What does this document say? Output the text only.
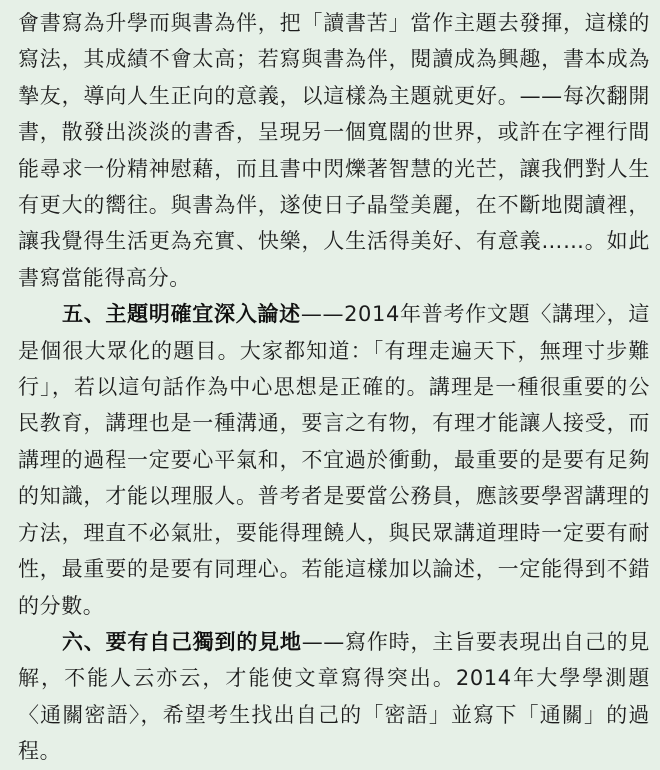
會書寫為升學而與書為伴，把「讀書苦」當作主題去發揮，這樣的寫法，其成績不會太高；若寫與書為伴，閱讀成為興趣，書本成為摯友，導向人生正向的意義，以這樣為主題就更好。——每次翻開書，散發出淡淡的書香，呈現另一個寬闊的世界，或許在字裡行間能尋求一份精神慰藉，而且書中閃爍著智慧的光芒，讓我們對人生有更大的嚮往。與書為伴，遂使日子晶瑩美麗，在不斷地閱讀裡，讓我覺得生活更為充實、快樂，人生活得美好、有意義……。如此書寫當能得高分。

五、主題明確宜深入論述——2014年普考作文題〈講理〉，這是個很大眾化的題目。大家都知道：「有理走遍天下，無理寸步難行」，若以這句話作為中心思想是正確的。講理是一種很重要的公民教育，講理也是一種溝通，要言之有物，有理才能讓人接受，而講理的過程一定要心平氣和，不宜過於衝動，最重要的是要有足夠的知識，才能以理服人。普考者是要當公務員，應該要學習講理的方法，理直不必氣壯，要能得理饒人，與民眾講道理時一定要有耐性，最重要的是要有同理心。若能這樣加以論述，一定能得到不錯的分數。

六、要有自己獨到的見地——寫作時，主旨要表現出自己的見解，不能人云亦云，才能使文章寫得突出。2014年大學學測題〈通關密語〉，希望考生找出自己的「密語」並寫下「通關」的過程。
